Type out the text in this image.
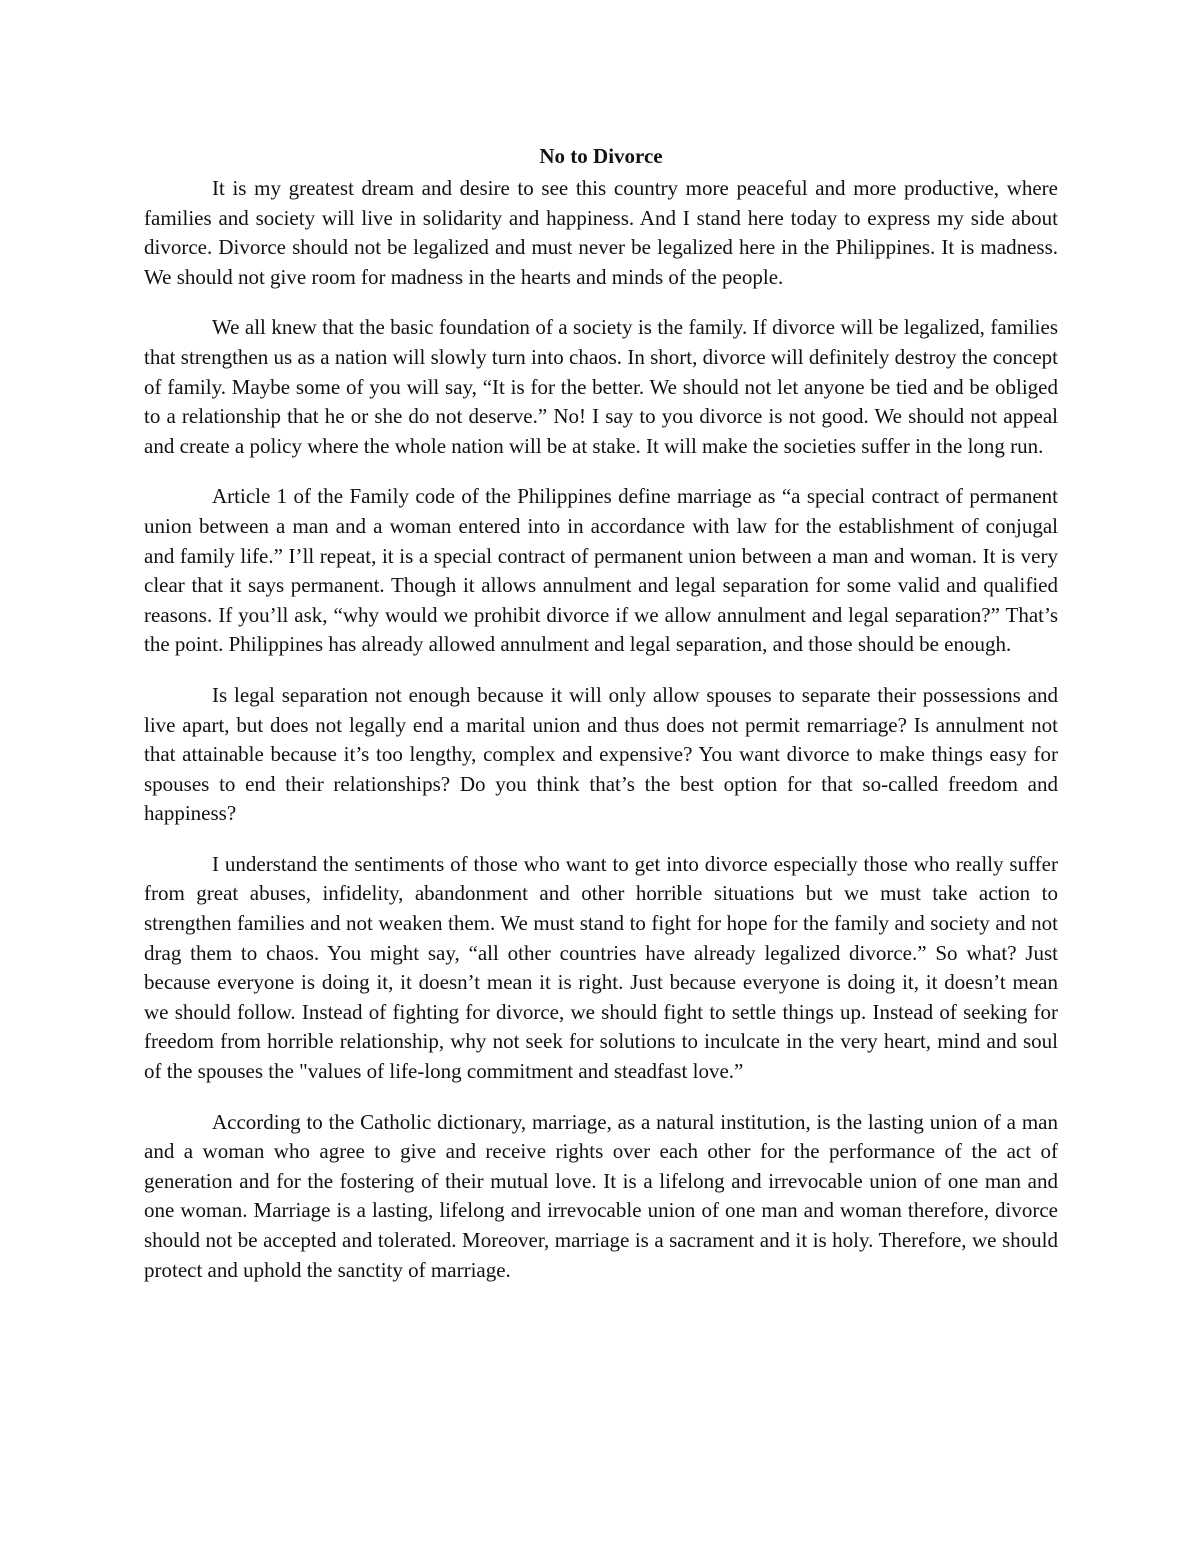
No to Divorce

It is my greatest dream and desire to see this country more peaceful and more productive, where families and society will live in solidarity and happiness. And I stand here today to express my side about divorce. Divorce should not be legalized and must never be legalized here in the Philippines. It is madness. We should not give room for madness in the hearts and minds of the people.

We all knew that the basic foundation of a society is the family. If divorce will be legalized, families that strengthen us as a nation will slowly turn into chaos. In short, divorce will definitely destroy the concept of family. Maybe some of you will say, “It is for the better. We should not let anyone be tied and be obliged to a relationship that he or she do not deserve.” No! I say to you divorce is not good. We should not appeal and create a policy where the whole nation will be at stake. It will make the societies suffer in the long run.

Article 1 of the Family code of the Philippines define marriage as “a special contract of permanent union between a man and a woman entered into in accordance with law for the establishment of conjugal and family life.” I’ll repeat, it is a special contract of permanent union between a man and woman. It is very clear that it says permanent. Though it allows annulment and legal separation for some valid and qualified reasons. If you’ll ask, “why would we prohibit divorce if we allow annulment and legal separation?” That’s the point. Philippines has already allowed annulment and legal separation, and those should be enough.

Is legal separation not enough because it will only allow spouses to separate their possessions and live apart, but does not legally end a marital union and thus does not permit remarriage? Is annulment not that attainable because it’s too lengthy, complex and expensive? You want divorce to make things easy for spouses to end their relationships? Do you think that’s the best option for that so-called freedom and happiness?

I understand the sentiments of those who want to get into divorce especially those who really suffer from great abuses, infidelity, abandonment and other horrible situations but we must take action to strengthen families and not weaken them. We must stand to fight for hope for the family and society and not drag them to chaos. You might say, “all other countries have already legalized divorce.” So what? Just because everyone is doing it, it doesn’t mean it is right. Just because everyone is doing it, it doesn’t mean we should follow. Instead of fighting for divorce, we should fight to settle things up. Instead of seeking for freedom from horrible relationship, why not seek for solutions to inculcate in the very heart, mind and soul of the spouses the "values of life-long commitment and steadfast love.”

According to the Catholic dictionary, marriage, as a natural institution, is the lasting union of a man and a woman who agree to give and receive rights over each other for the performance of the act of generation and for the fostering of their mutual love. It is a lifelong and irrevocable union of one man and one woman. Marriage is a lasting, lifelong and irrevocable union of one man and woman therefore, divorce should not be accepted and tolerated. Moreover, marriage is a sacrament and it is holy. Therefore, we should protect and uphold the sanctity of marriage.
